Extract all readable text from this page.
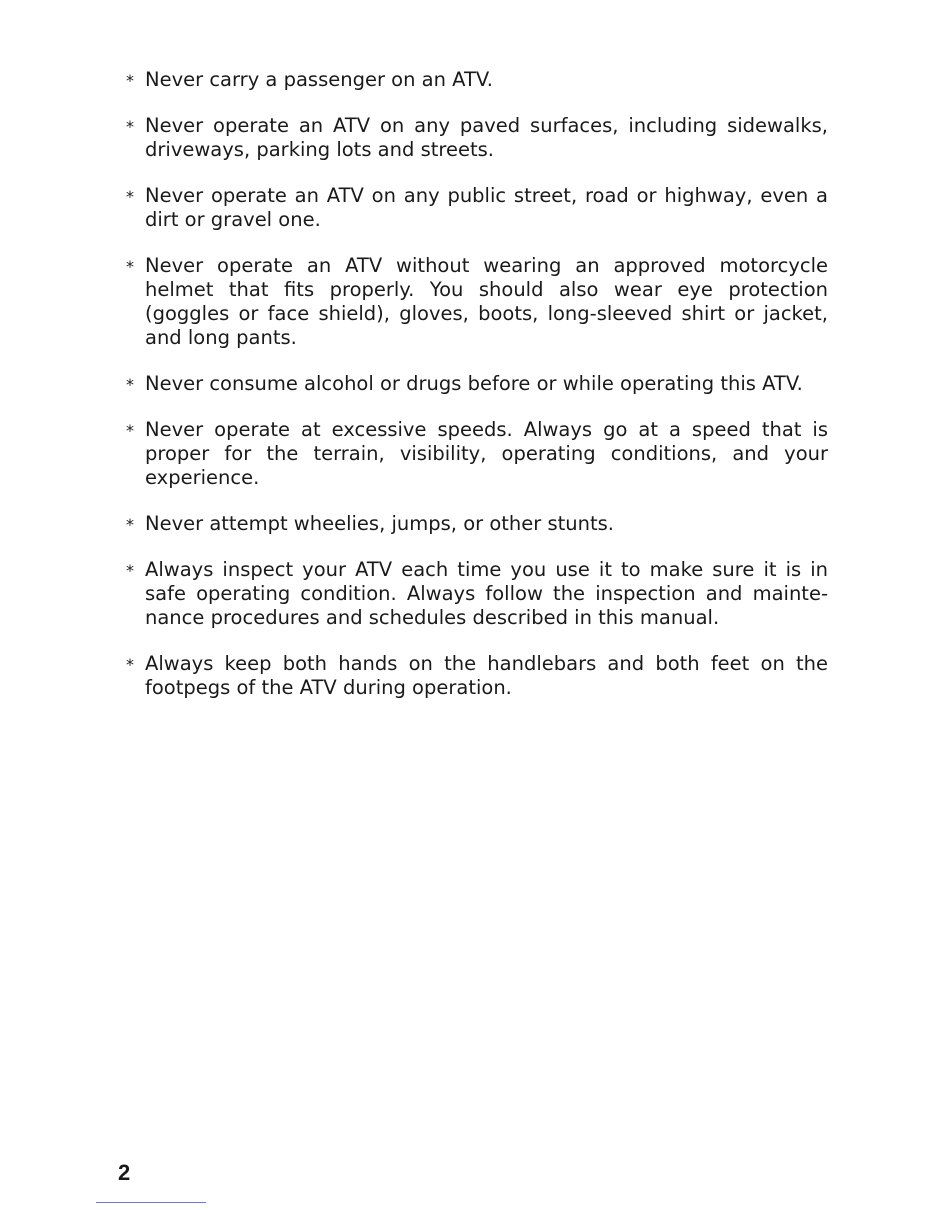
* Never carry a passenger on an ATV.
* Never operate an ATV on any paved surfaces, including sidewalks, driveways, parking lots and streets.
* Never operate an ATV on any public street, road or highway, even a dirt or gravel one.
* Never operate an ATV without wearing an approved motorcycle helmet that fits properly. You should also wear eye protection (goggles or face shield), gloves, boots, long-sleeved shirt or jacket, and long pants.
* Never consume alcohol or drugs before or while operating this ATV.
* Never operate at excessive speeds. Always go at a speed that is proper for the terrain, visibility, operating conditions, and your experience.
* Never attempt wheelies, jumps, or other stunts.
* Always inspect your ATV each time you use it to make sure it is in safe operating condition. Always follow the inspection and maintenance procedures and schedules described in this manual.
* Always keep both hands on the handlebars and both feet on the footpegs of the ATV during operation.

2
